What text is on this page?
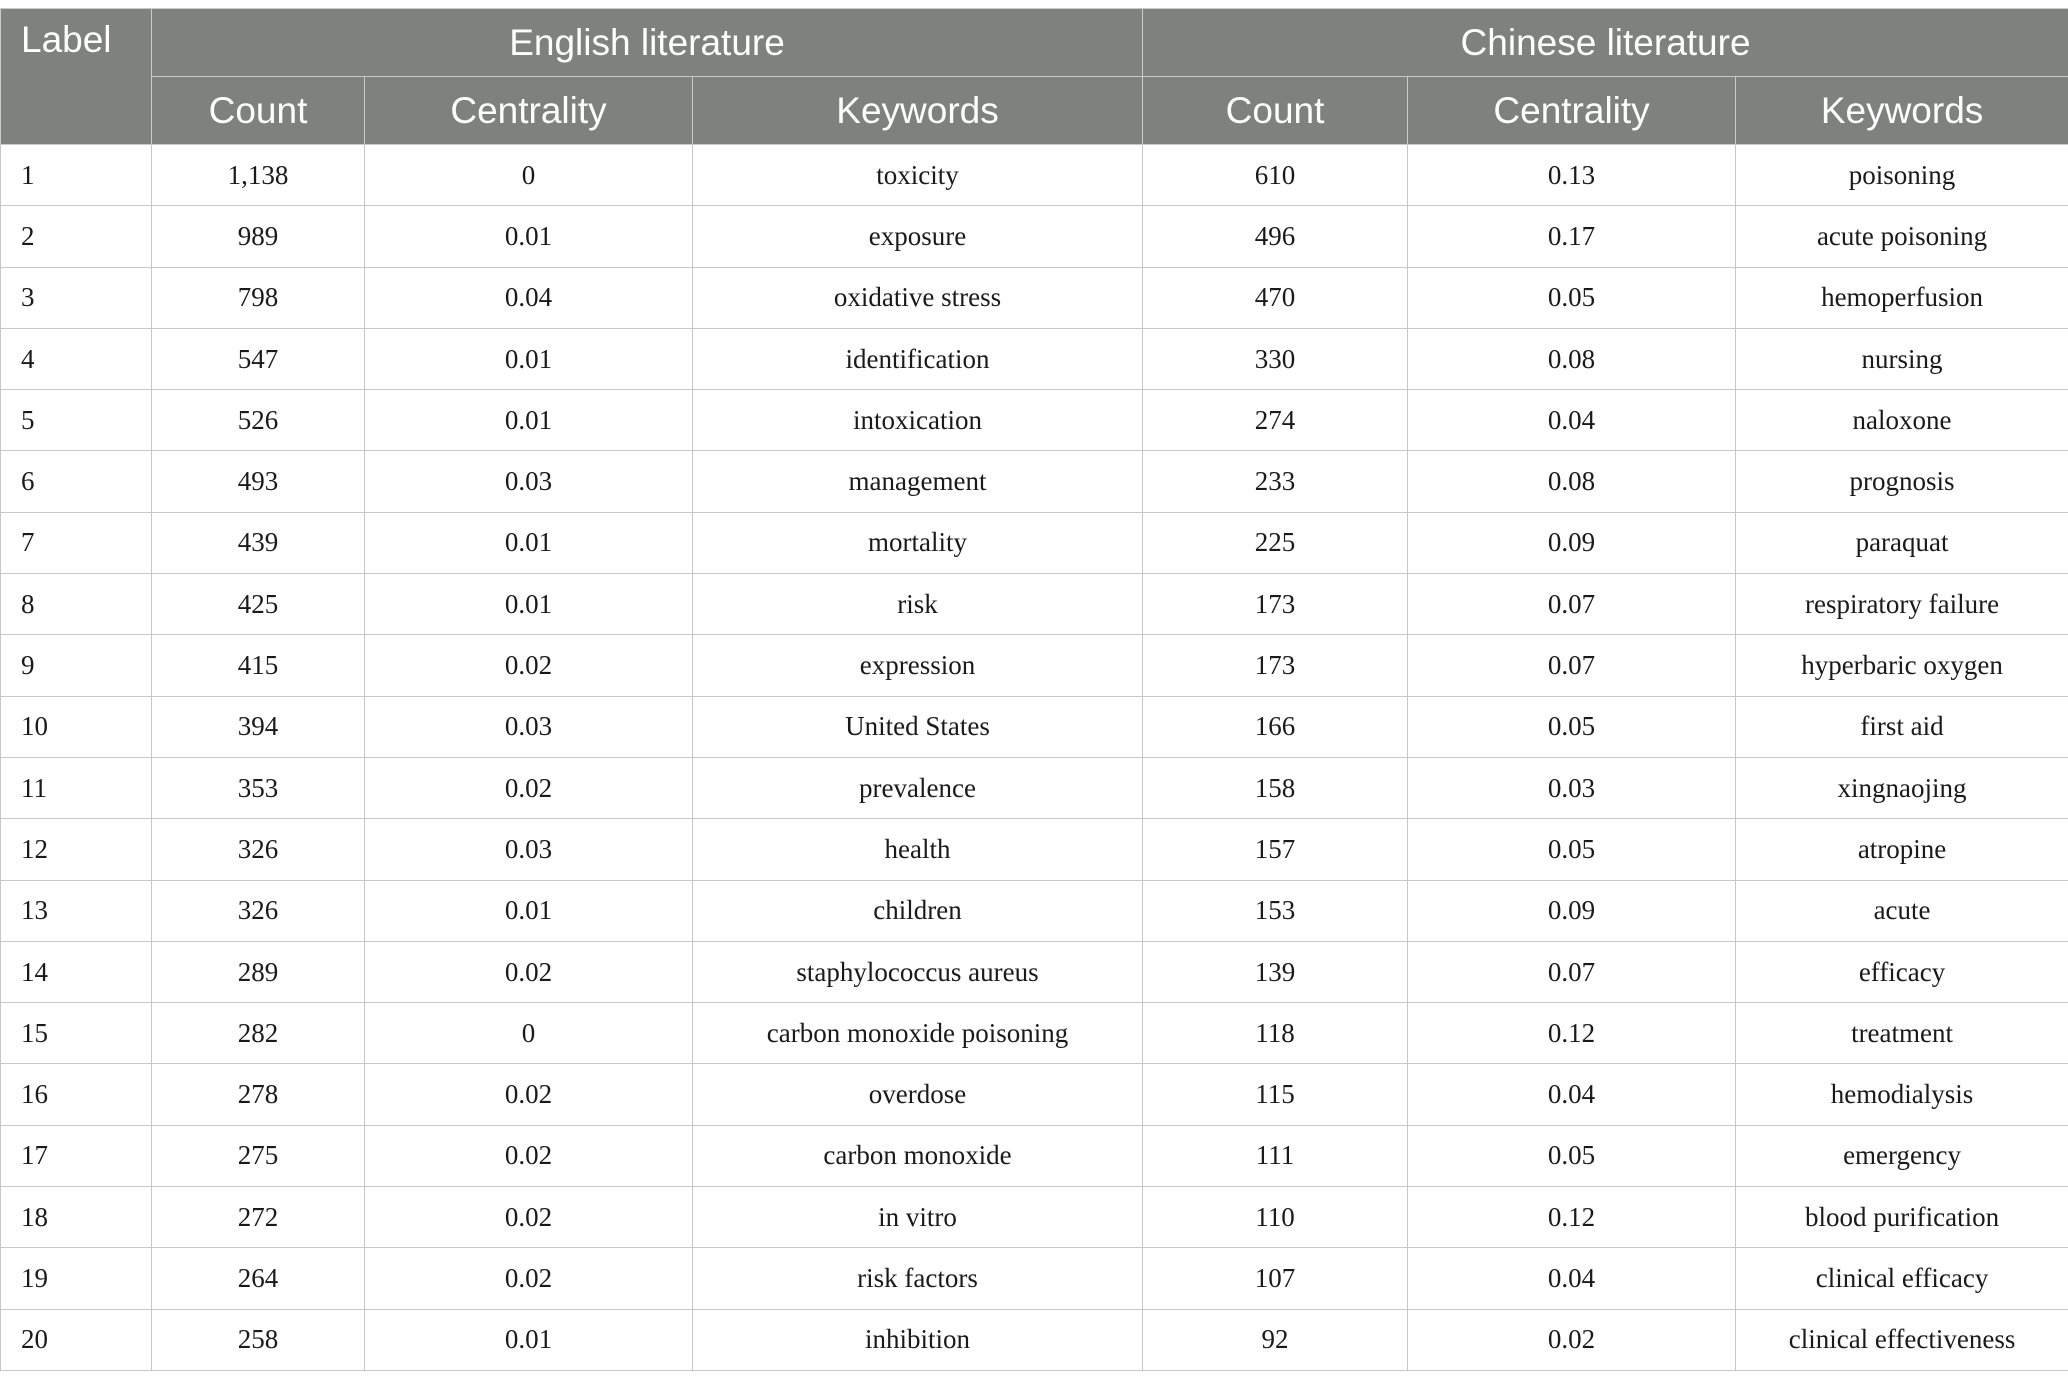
Label	English literature			Chinese literature		
	Count	Centrality	Keywords	Count	Centrality	Keywords
1	1,138	0	toxicity	610	0.13	poisoning
2	989	0.01	exposure	496	0.17	acute poisoning
3	798	0.04	oxidative stress	470	0.05	hemoperfusion
4	547	0.01	identification	330	0.08	nursing
5	526	0.01	intoxication	274	0.04	naloxone
6	493	0.03	management	233	0.08	prognosis
7	439	0.01	mortality	225	0.09	paraquat
8	425	0.01	risk	173	0.07	respiratory failure
9	415	0.02	expression	173	0.07	hyperbaric oxygen
10	394	0.03	United States	166	0.05	first aid
11	353	0.02	prevalence	158	0.03	xingnaojing
12	326	0.03	health	157	0.05	atropine
13	326	0.01	children	153	0.09	acute
14	289	0.02	staphylococcus aureus	139	0.07	efficacy
15	282	0	carbon monoxide poisoning	118	0.12	treatment
16	278	0.02	overdose	115	0.04	hemodialysis
17	275	0.02	carbon monoxide	111	0.05	emergency
18	272	0.02	in vitro	110	0.12	blood purification
19	264	0.02	risk factors	107	0.04	clinical efficacy
20	258	0.01	inhibition	92	0.02	clinical effectiveness
